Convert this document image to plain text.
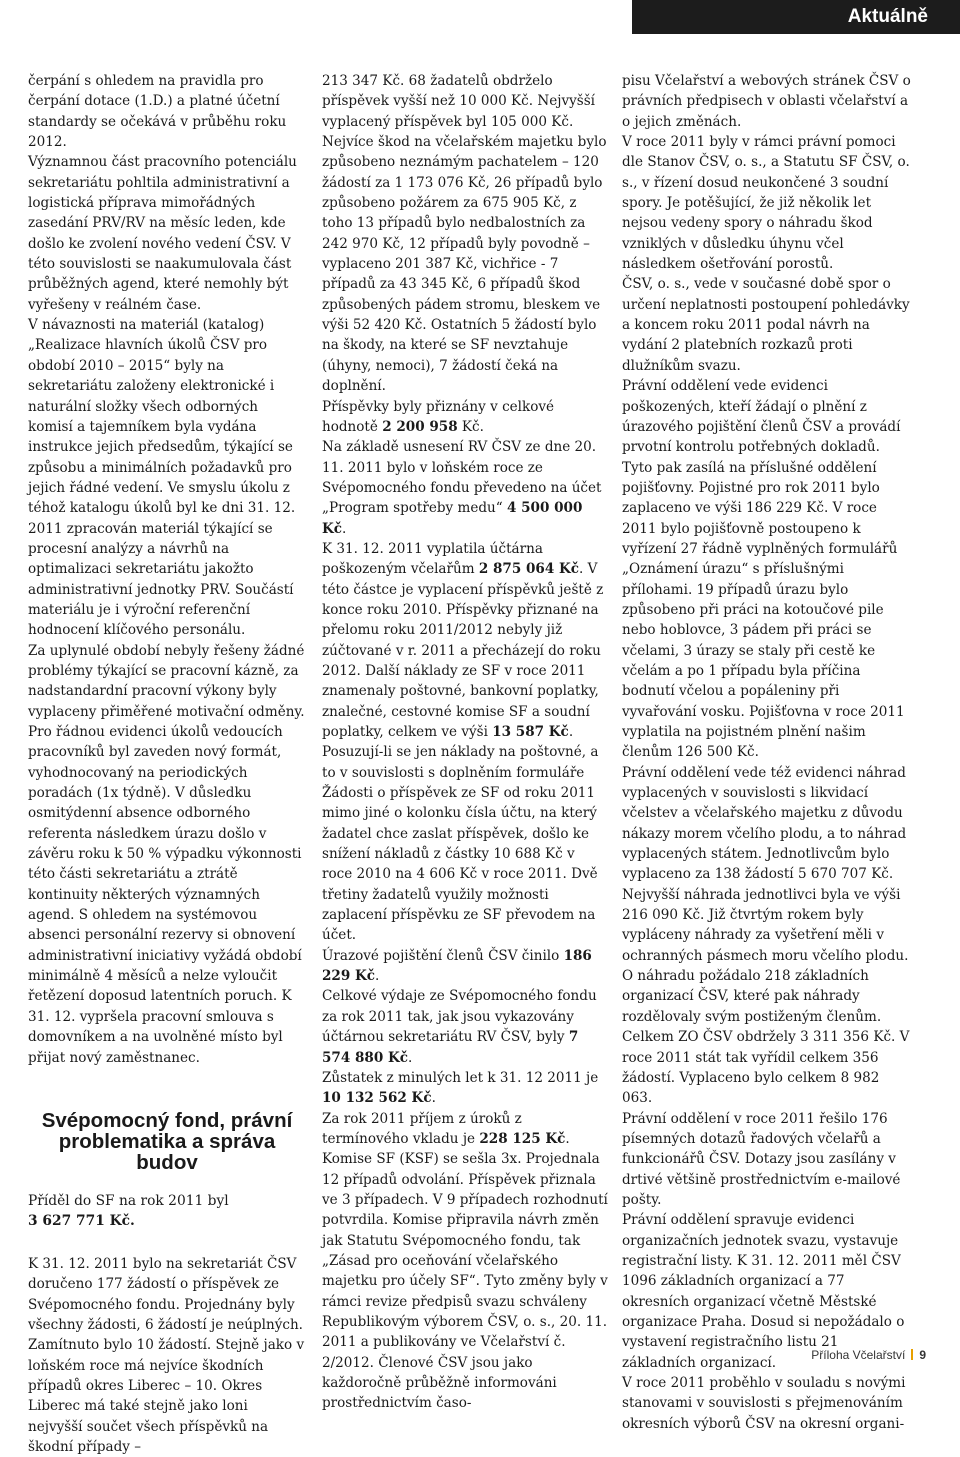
Aktuálně

čerpání s ohledem na pravidla pro čerpání dotace (1.D.) a platné účetní standardy se očekává v průběhu roku 2012.

Významnou část pracovního potenciálu sekretariátu pohltila administrativní a logistická příprava mimořádných zasedání PRV/RV na měsíc leden, kde došlo ke zvolení nového vedení ČSV. V této souvislosti se naakumulovala část průběžných agend, které nemohly být vyřešeny v reálném čase.

V návaznosti na materiál (katalog) „Realizace hlavních úkolů ČSV pro období 2010 – 2015“ byly na sekretariátu založeny elektronické i naturální složky všech odborných komisí a tajemníkem byla vydána instrukce jejich předsedům, týkající se způsobu a minimálních požadavků pro jejich řádné vedení. Ve smyslu úkolu z téhož katalogu úkolů byl ke dni 31. 12. 2011 zpracován materiál týkající se procesní analýzy a návrhů na optimalizaci sekretariátu jakožto administrativní jednotky PRV. Součástí materiálu je i výroční referenční hodnocení klíčového personálu.

Za uplynulé období nebyly řešeny žádné problémy týkající se pracovní kázně, za nadstandardní pracovní výkony byly vyplaceny přiměřené motivační odměny. Pro řádnou evidenci úkolů vedoucích pracovníků byl zaveden nový formát, vyhodnocovaný na periodických poradách (1x týdně). V důsledku osmitýdenní absence odborného referenta následkem úrazu došlo v závěru roku k 50 % výpadku výkonnosti této části sekretariátu a ztrátě kontinuity některých významných agend. S ohledem na systémovou absenci personální rezervy si obnovení administrativní iniciativy vyžádá období minimálně 4 měsíců a nelze vyloučit řetězení doposud latentních poruch. K 31. 12. vypršela pracovní smlouva s domovníkem a na uvolněné místo byl přijat nový zaměstnanec.

Svépomocný fond, právní problematika a správa budov

Příděl do SF na rok 2011 byl
3 627 771 Kč.

K 31. 12. 2011 bylo na sekretariát ČSV doručeno 177 žádostí o příspěvek ze Svépomocného fondu. Projednány byly všechny žádosti, 6 žádostí je neúplných. Zamítnuto bylo 10 žádostí. Stejně jako v loňském roce má nejvíce škodních případů okres Liberec – 10. Okres Liberec má také stejně jako loni nejvyšší součet všech příspěvků na škodní případy –

213 347 Kč. 68 žadatelů obdrželo příspěvek vyšší než 10 000 Kč. Nejvyšší vyplacený příspěvek byl 105 000 Kč.

Nejvíce škod na včelařském majetku bylo způsobeno neznámým pachatelem – 120 žádostí za 1 173 076 Kč, 26 případů bylo způsobeno požárem za 675 905 Kč, z toho 13 případů bylo nedbalostních za 242 970 Kč, 12 případů byly povodně – vyplaceno 201 387 Kč, vichřice - 7 případů za 43 345 Kč, 6 případů škod způsobených pádem stromu, bleskem ve výši 52 420 Kč. Ostatních 5 žádostí bylo na škody, na které se SF nevztahuje (úhyny, nemoci), 7 žádostí čeká na doplnění.

Příspěvky byly přiznány v celkové hodnotě 2 200 958 Kč.

Na základě usnesení RV ČSV ze dne 20. 11. 2011 bylo v loňském roce ze Svépomocného fondu převedeno na účet „Program spotřeby medu“ 4 500 000 Kč.

K 31. 12. 2011 vyplatila účtárna poškozeným včelařům 2 875 064 Kč. V této částce je vyplacení příspěvků ještě z konce roku 2010. Příspěvky přiznané na přelomu roku 2011/2012 nebyly již zúčtované v r. 2011 a přecházejí do roku 2012. Další náklady ze SF v roce 2011 znamenaly poštovné, bankovní poplatky, znalečné, cestovné komise SF a soudní poplatky, celkem ve výši 13 587 Kč. Posuzují-li se jen náklady na poštovné, a to v souvislosti s doplněním formuláře Žádosti o příspěvek ze SF od roku 2011 mimo jiné o kolonku čísla účtu, na který žadatel chce zaslat příspěvek, došlo ke snížení nákladů z částky 10 688 Kč v roce 2010 na 4 606 Kč v roce 2011. Dvě třetiny žadatelů využily možnosti zaplacení příspěvku ze SF převodem na účet.

Úrazové pojištění členů ČSV činilo 186 229 Kč.

Celkové výdaje ze Svépomocného fondu za rok 2011 tak, jak jsou vykazovány účtárnou sekretariátu RV ČSV, byly 7 574 880 Kč.

Zůstatek z minulých let k 31. 12 2011 je 10 132 562 Kč.

Za rok 2011 příjem z úroků z termínového vkladu je 228 125 Kč.

Komise SF (KSF) se sešla 3x. Projednala 12 případů odvolání. Příspěvek přiznala ve 3 případech. V 9 případech rozhodnutí potvrdila. Komise připravila návrh změn jak Statutu Svépomocného fondu, tak „Zásad pro oceňování včelařského majetku pro účely SF“. Tyto změny byly v rámci revize předpisů svazu schváleny Republikovým výborem ČSV, o. s., 20. 11. 2011 a publikovány ve Včelařství č. 2/2012. Členové ČSV jsou jako každoročně průběžně informováni prostřednictvím časo-

pisu Včelařství a webových stránek ČSV o právních předpisech v oblasti včelařství a o jejich změnách.

V roce 2011 byly v rámci právní pomoci dle Stanov ČSV, o. s., a Statutu SF ČSV, o. s., v řízení dosud neukončené 3 soudní spory. Je potěšující, že již několik let nejsou vedeny spory o náhradu škod vzniklých v důsledku úhynu včel následkem ošetřování porostů.

ČSV, o. s., vede v současné době spor o určení neplatnosti postoupení pohledávky a koncem roku 2011 podal návrh na vydání 2 platebních rozkazů proti dlužníkům svazu.

Právní oddělení vede evidenci poškozených, kteří žádají o plnění z úrazového pojištění členů ČSV a provádí prvotní kontrolu potřebných dokladů. Tyto pak zasílá na příslušné oddělení pojišťovny. Pojistné pro rok 2011 bylo zaplaceno ve výši 186 229 Kč. V roce 2011 bylo pojišťovně postoupeno k vyřízení 27 řádně vyplněných formulářů „Oznámení úrazu“ s příslušnými přílohami. 19 případů úrazu bylo způsobeno při práci na kotoučové pile nebo hoblovce, 3 pádem při práci se včelami, 3 úrazy se staly při cestě ke včelám a po 1 případu byla příčina bodnutí včelou a popáleniny při vyvařování vosku. Pojišťovna v roce 2011 vyplatila na pojistném plnění našim členům 126 500 Kč.

Právní oddělení vede též evidenci náhrad vyplacených v souvislosti s likvidací včelstev a včelařského majetku z důvodu nákazy morem včelího plodu, a to náhrad vyplacených státem. Jednotlivcům bylo vyplaceno za 138 žádostí 5 670 707 Kč. Nejvyšší náhrada jednotlivci byla ve výši 216 090 Kč. Již čtvrtým rokem byly vypláceny náhrady za vyšetření měli v ochranných pásmech moru včelího plodu. O náhradu požádalo 218 základních organizací ČSV, které pak náhrady rozdělovaly svým postiženým členům. Celkem ZO ČSV obdržely 3 311 356 Kč. V roce 2011 stát tak vyřídil celkem 356 žádostí. Vyplaceno bylo celkem 8 982 063.

Právní oddělení v roce 2011 řešilo 176 písemných dotazů řadových včelařů a funkcionářů ČSV. Dotazy jsou zasílány v drtivé většině prostřednictvím e-mailové pošty.

Právní oddělení spravuje evidenci organizačních jednotek svazu, vystavuje registrační listy. K 31. 12. 2011 měl ČSV 1096 základních organizací a 77 okresních organizací včetně Městské organizace Praha. Dosud si nepožádalo o vystavení registračního listu 21 základních organizací.

V roce 2011 proběhlo v souladu s novými stanovami v souvislosti s přejmenováním okresních výborů ČSV na okresní organi-

Příloha Včelařství 9
